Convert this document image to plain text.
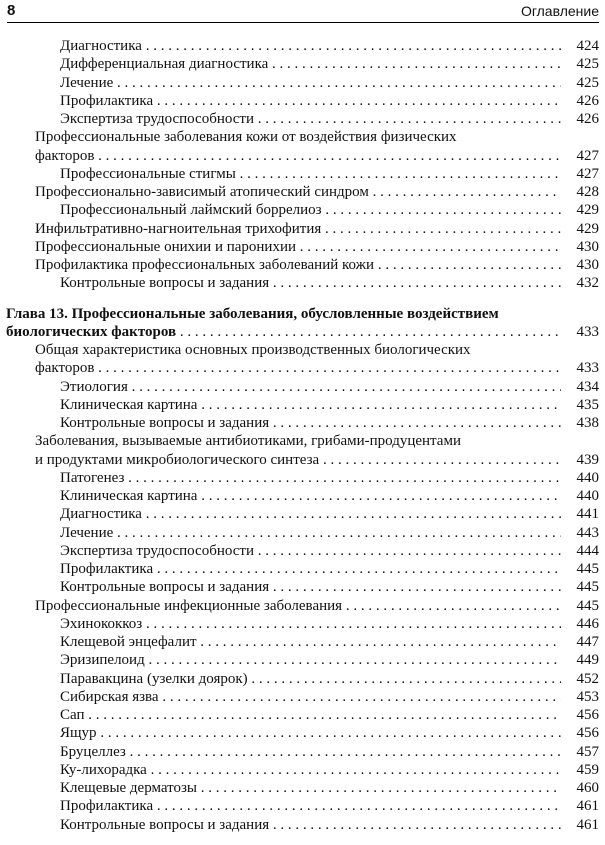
8	Оглавление
Диагностика . . .	424
Дифференциальная диагностика . . .	425
Лечение . . .	425
Профилактика . . .	426
Экспертиза трудоспособности . . .	426
Профессиональные заболевания кожи от воздействия физических
факторов . . .	427
Профессиональные стигмы . . .	427
Профессионально-зависимый атопический синдром . . .	428
Профессиональный лаймский боррелиоз . . .	429
Инфильтративно-нагноительная трихофития . . .	429
Профессиональные онихии и паронихии . . .	430
Профилактика профессиональных заболеваний кожи . . .	430
Контрольные вопросы и задания . . .	432
Глава 13. Профессиональные заболевания, обусловленные воздействием
биологических факторов . . .	433
Общая характеристика основных производственных биологических
факторов . . .	433
Этиология . . .	434
Клиническая картина . . .	435
Контрольные вопросы и задания . . .	438
Заболевания, вызываемые антибиотиками, грибами-продуцентами
и продуктами микробиологического синтеза . . .	439
Патогенез . . .	440
Клиническая картина . . .	440
Диагностика . . .	441
Лечение . . .	443
Экспертиза трудоспособности . . .	444
Профилактика . . .	445
Контрольные вопросы и задания . . .	445
Профессиональные инфекционные заболевания . . .	445
Эхинококкоз . . .	446
Клещевой энцефалит . . .	447
Эризипелоид . . .	449
Паравакцина (узелки доярок) . . .	452
Сибирская язва . . .	453
Сап . . .	456
Ящур . . .	456
Бруцеллез . . .	457
Ку-лихорадка . . .	459
Клещевые дерматозы . . .	460
Профилактика . . .	461
Контрольные вопросы и задания . . .	461
